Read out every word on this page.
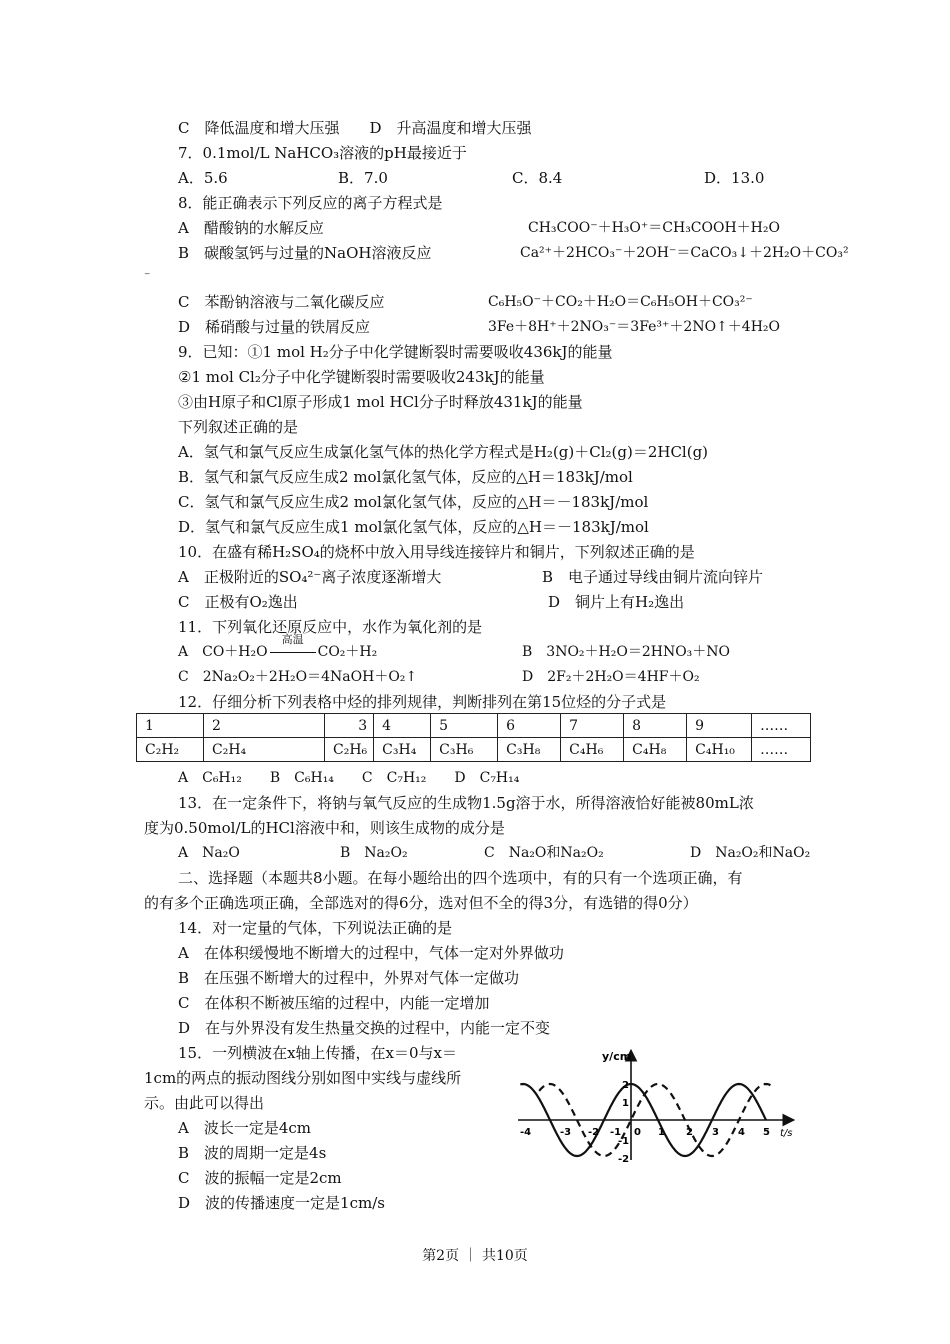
C　降低温度和增大压强　　D　升高温度和增大压强
7．0.1mol/L NaHCO₃溶液的pH最接近于
A．5.6	B．7.0	C．8.4	D．13.0
8．能正确表示下列反应的离子方程式是
A　醋酸钠的水解反应	CH₃COO⁻＋H₃O⁺＝CH₃COOH＋H₂O
B　碳酸氢钙与过量的NaOH溶液反应	Ca²⁺＋2HCO₃⁻＋2OH⁻＝CaCO₃↓＋2H₂O＋CO₃²
⁻
C　苯酚钠溶液与二氧化碳反应	C₆H₅O⁻＋CO₂＋H₂O＝C₆H₅OH＋CO₃²⁻
D　稀硝酸与过量的铁屑反应	3Fe＋8H⁺＋2NO₃⁻＝3Fe³⁺＋2NO↑＋4H₂O
9．已知：①1 mol H₂分子中化学键断裂时需要吸收436kJ的能量
②1 mol Cl₂分子中化学键断裂时需要吸收243kJ的能量
③由H原子和Cl原子形成1 mol HCl分子时释放431kJ的能量
下列叙述正确的是
A．氢气和氯气反应生成氯化氢气体的热化学方程式是H₂(g)＋Cl₂(g)＝2HCl(g)
B．氢气和氯气反应生成2 mol氯化氢气体，反应的△H＝183kJ/mol
C．氢气和氯气反应生成2 mol氯化氢气体，反应的△H＝－183kJ/mol
D．氢气和氯气反应生成1 mol氯化氢气体，反应的△H＝－183kJ/mol
10．在盛有稀H₂SO₄的烧杯中放入用导线连接锌片和铜片，下列叙述正确的是
A　正极附近的SO₄²⁻离子浓度逐渐增大	B　电子通过导线由铜片流向锌片
C　正极有O₂逸出	D　铜片上有H₂逸出
11．下列氧化还原反应中，水作为氧化剂的是
A　CO＋H₂O
高温
CO₂＋H₂	B　3NO₂＋H₂O＝2HNO₃＋NO
C　2Na₂O₂＋2H₂O＝4NaOH＋O₂↑	D　2F₂＋2H₂O＝4HF＋O₂
12．仔细分析下列表格中烃的排列规律，判断排列在第15位烃的分子式是
1	2	3	4	5	6	7	8	9	……
C₂H₂	C₂H₄	C₂H₆	C₃H₄	C₃H₆	C₃H₈	C₄H₆	C₄H₈	C₄H₁₀	……
A　C₆H₁₂　　B　C₆H₁₄　　C　C₇H₁₂　　D　C₇H₁₄
13．在一定条件下，将钠与氧气反应的生成物1.5g溶于水，所得溶液恰好能被80mL浓
度为0.50mol/L的HCl溶液中和，则该生成物的成分是
A　Na₂O	B　Na₂O₂	C　Na₂O和Na₂O₂	D　Na₂O₂和NaO₂
二、选择题（本题共8小题。在每小题给出的四个选项中，有的只有一个选项正确，有
的有多个正确选项正确，全部选对的得6分，选对但不全的得3分，有选错的得0分）
14．对一定量的气体，下列说法正确的是
A　在体积缓慢地不断增大的过程中，气体一定对外界做功
B　在压强不断增大的过程中，外界对气体一定做功
C　在体积不断被压缩的过程中，内能一定增加
D　在与外界没有发生热量交换的过程中，内能一定不变
15．一列横波在x轴上传播，在x＝0与x＝
1cm的两点的振动图线分别如图中实线与虚线所
示。由此可以得出
A　波长一定是4cm
B　波的周期一定是4s
C　波的振幅一定是2cm
D　波的传播速度一定是1cm/s
y/cm
t/s
-4	-3 -2 -1 0 1 2 3 4 5
2
1
-1
-2
第2页 ｜ 共10页
